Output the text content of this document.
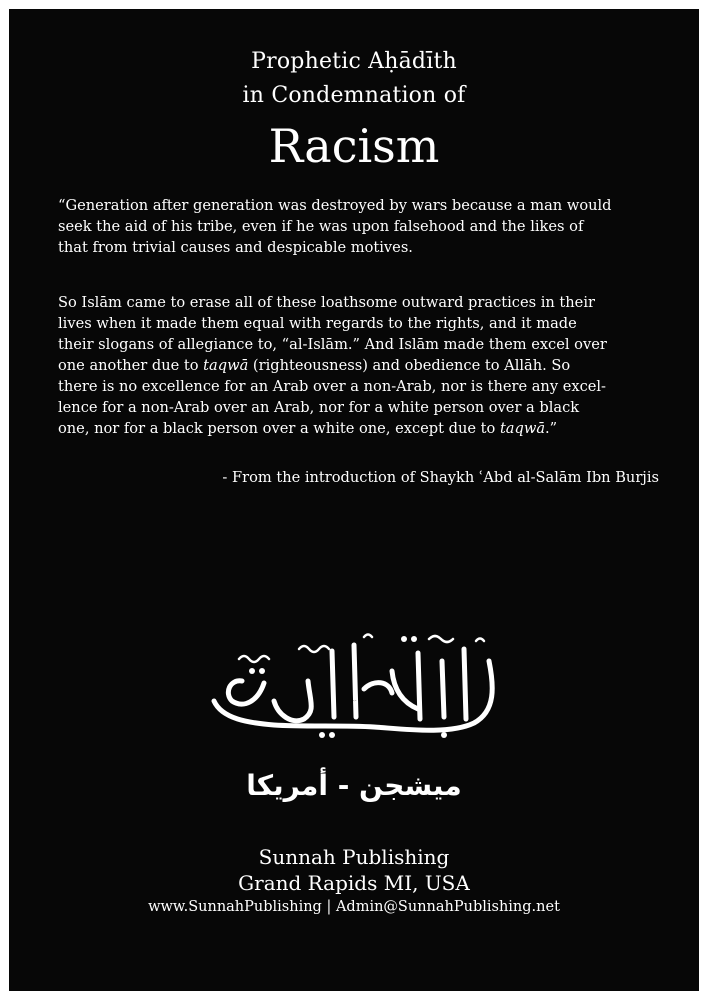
Prophetic Aḥādīth
in Condemnation of
Racism
“Generation after generation was destroyed by wars because a man would
seek the aid of his tribe, even if he was upon falsehood and the likes of
that from trivial causes and despicable motives.
So Islām came to erase all of these loathsome outward practices in their
lives when it made them equal with regards to the rights, and it made
their slogans of allegiance to, “al-Islām.” And Islām made them excel over
one another due to taqwā (righteousness) and obedience to Allāh. So
there is no excellence for an Arab over a non-Arab, nor is there any excel-
lence for a non-Arab over an Arab, nor for a white person over a black
one, nor for a black person over a white one, except due to taqwā.”
- From the introduction of Shaykh ʿAbd al-Salām Ibn Burjis
مكتبة السنة
ميشجن - أمريكا
Sunnah Publishing
Grand Rapids MI, USA
www.SunnahPublishing | Admin@SunnahPublishing.net
